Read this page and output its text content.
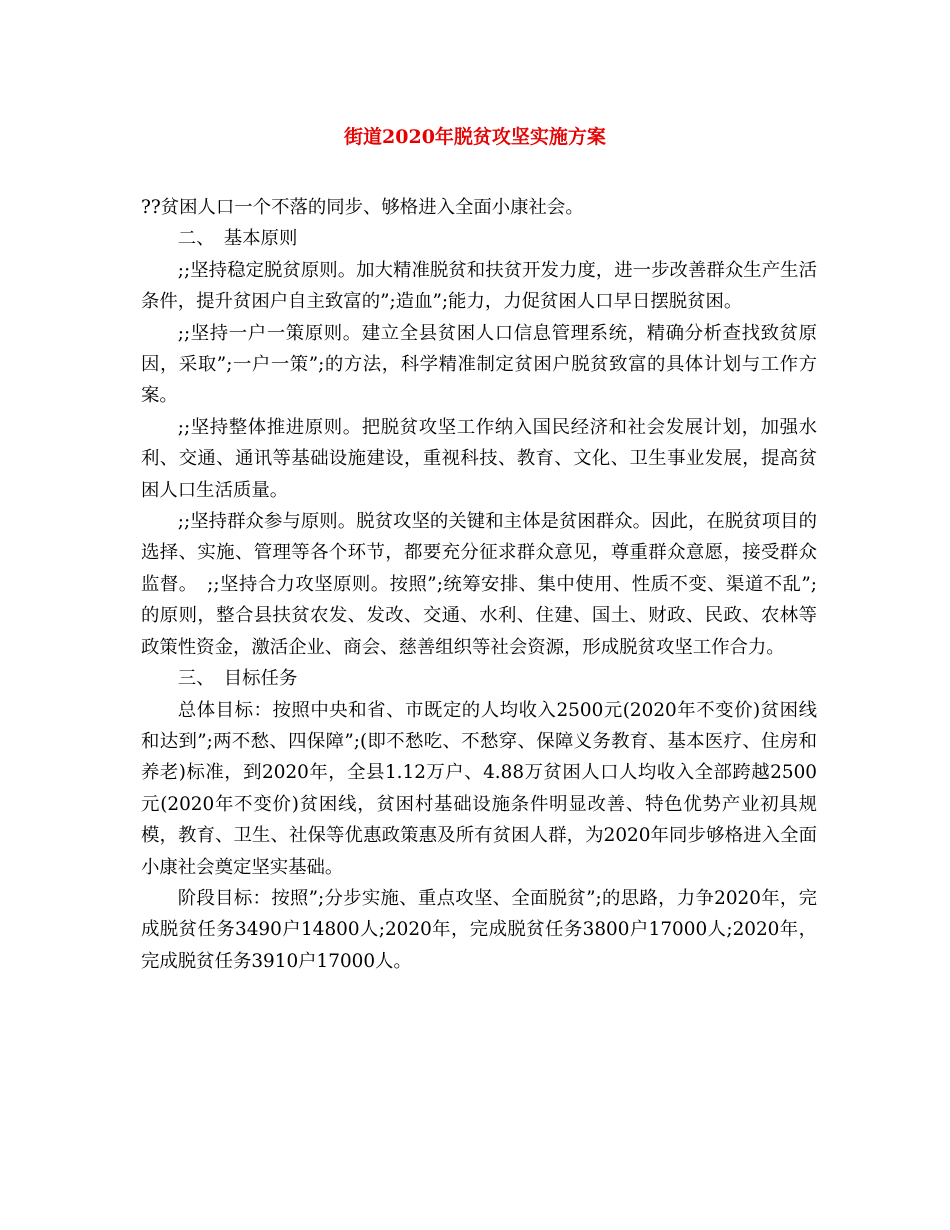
街道2020年脱贫攻坚实施方案

??贫困人口一个不落的同步、够格进入全面小康社会。

二、　基本原则

;;坚持稳定脱贫原则。加大精准脱贫和扶贫开发力度，进一步改善群众生产生活条件，提升贫困户自主致富的”;造血”;能力，力促贫困人口早日摆脱贫困。

;;坚持一户一策原则。建立全县贫困人口信息管理系统，精确分析查找致贫原因，采取”;一户一策”;的方法，科学精准制定贫困户脱贫致富的具体计划与工作方案。

;;坚持整体推进原则。把脱贫攻坚工作纳入国民经济和社会发展计划，加强水利、交通、通讯等基础设施建设，重视科技、教育、文化、卫生事业发展，提高贫困人口生活质量。

;;坚持群众参与原则。脱贫攻坚的关键和主体是贫困群众。因此，在脱贫项目的选择、实施、管理等各个环节，都要充分征求群众意见，尊重群众意愿，接受群众监督。　;;坚持合力攻坚原则。按照”;统筹安排、集中使用、性质不变、渠道不乱”;的原则，整合县扶贫农发、发改、交通、水利、住建、国土、财政、民政、农林等政策性资金，激活企业、商会、慈善组织等社会资源，形成脱贫攻坚工作合力。

三、　目标任务

总体目标：按照中央和省、市既定的人均收入2500元(2020年不变价)贫困线和达到”;两不愁、四保障”;(即不愁吃、不愁穿、保障义务教育、基本医疗、住房和养老)标准，到2020年，全县1.12万户、4.88万贫困人口人均收入全部跨越2500元(2020年不变价)贫困线，贫困村基础设施条件明显改善、特色优势产业初具规模，教育、卫生、社保等优惠政策惠及所有贫困人群，为2020年同步够格进入全面小康社会奠定坚实基础。

阶段目标：按照”;分步实施、重点攻坚、全面脱贫”;的思路，力争2020年，完成脱贫任务3490户14800人;2020年，完成脱贫任务3800户17000人;2020年，完成脱贫任务3910户17000人。
